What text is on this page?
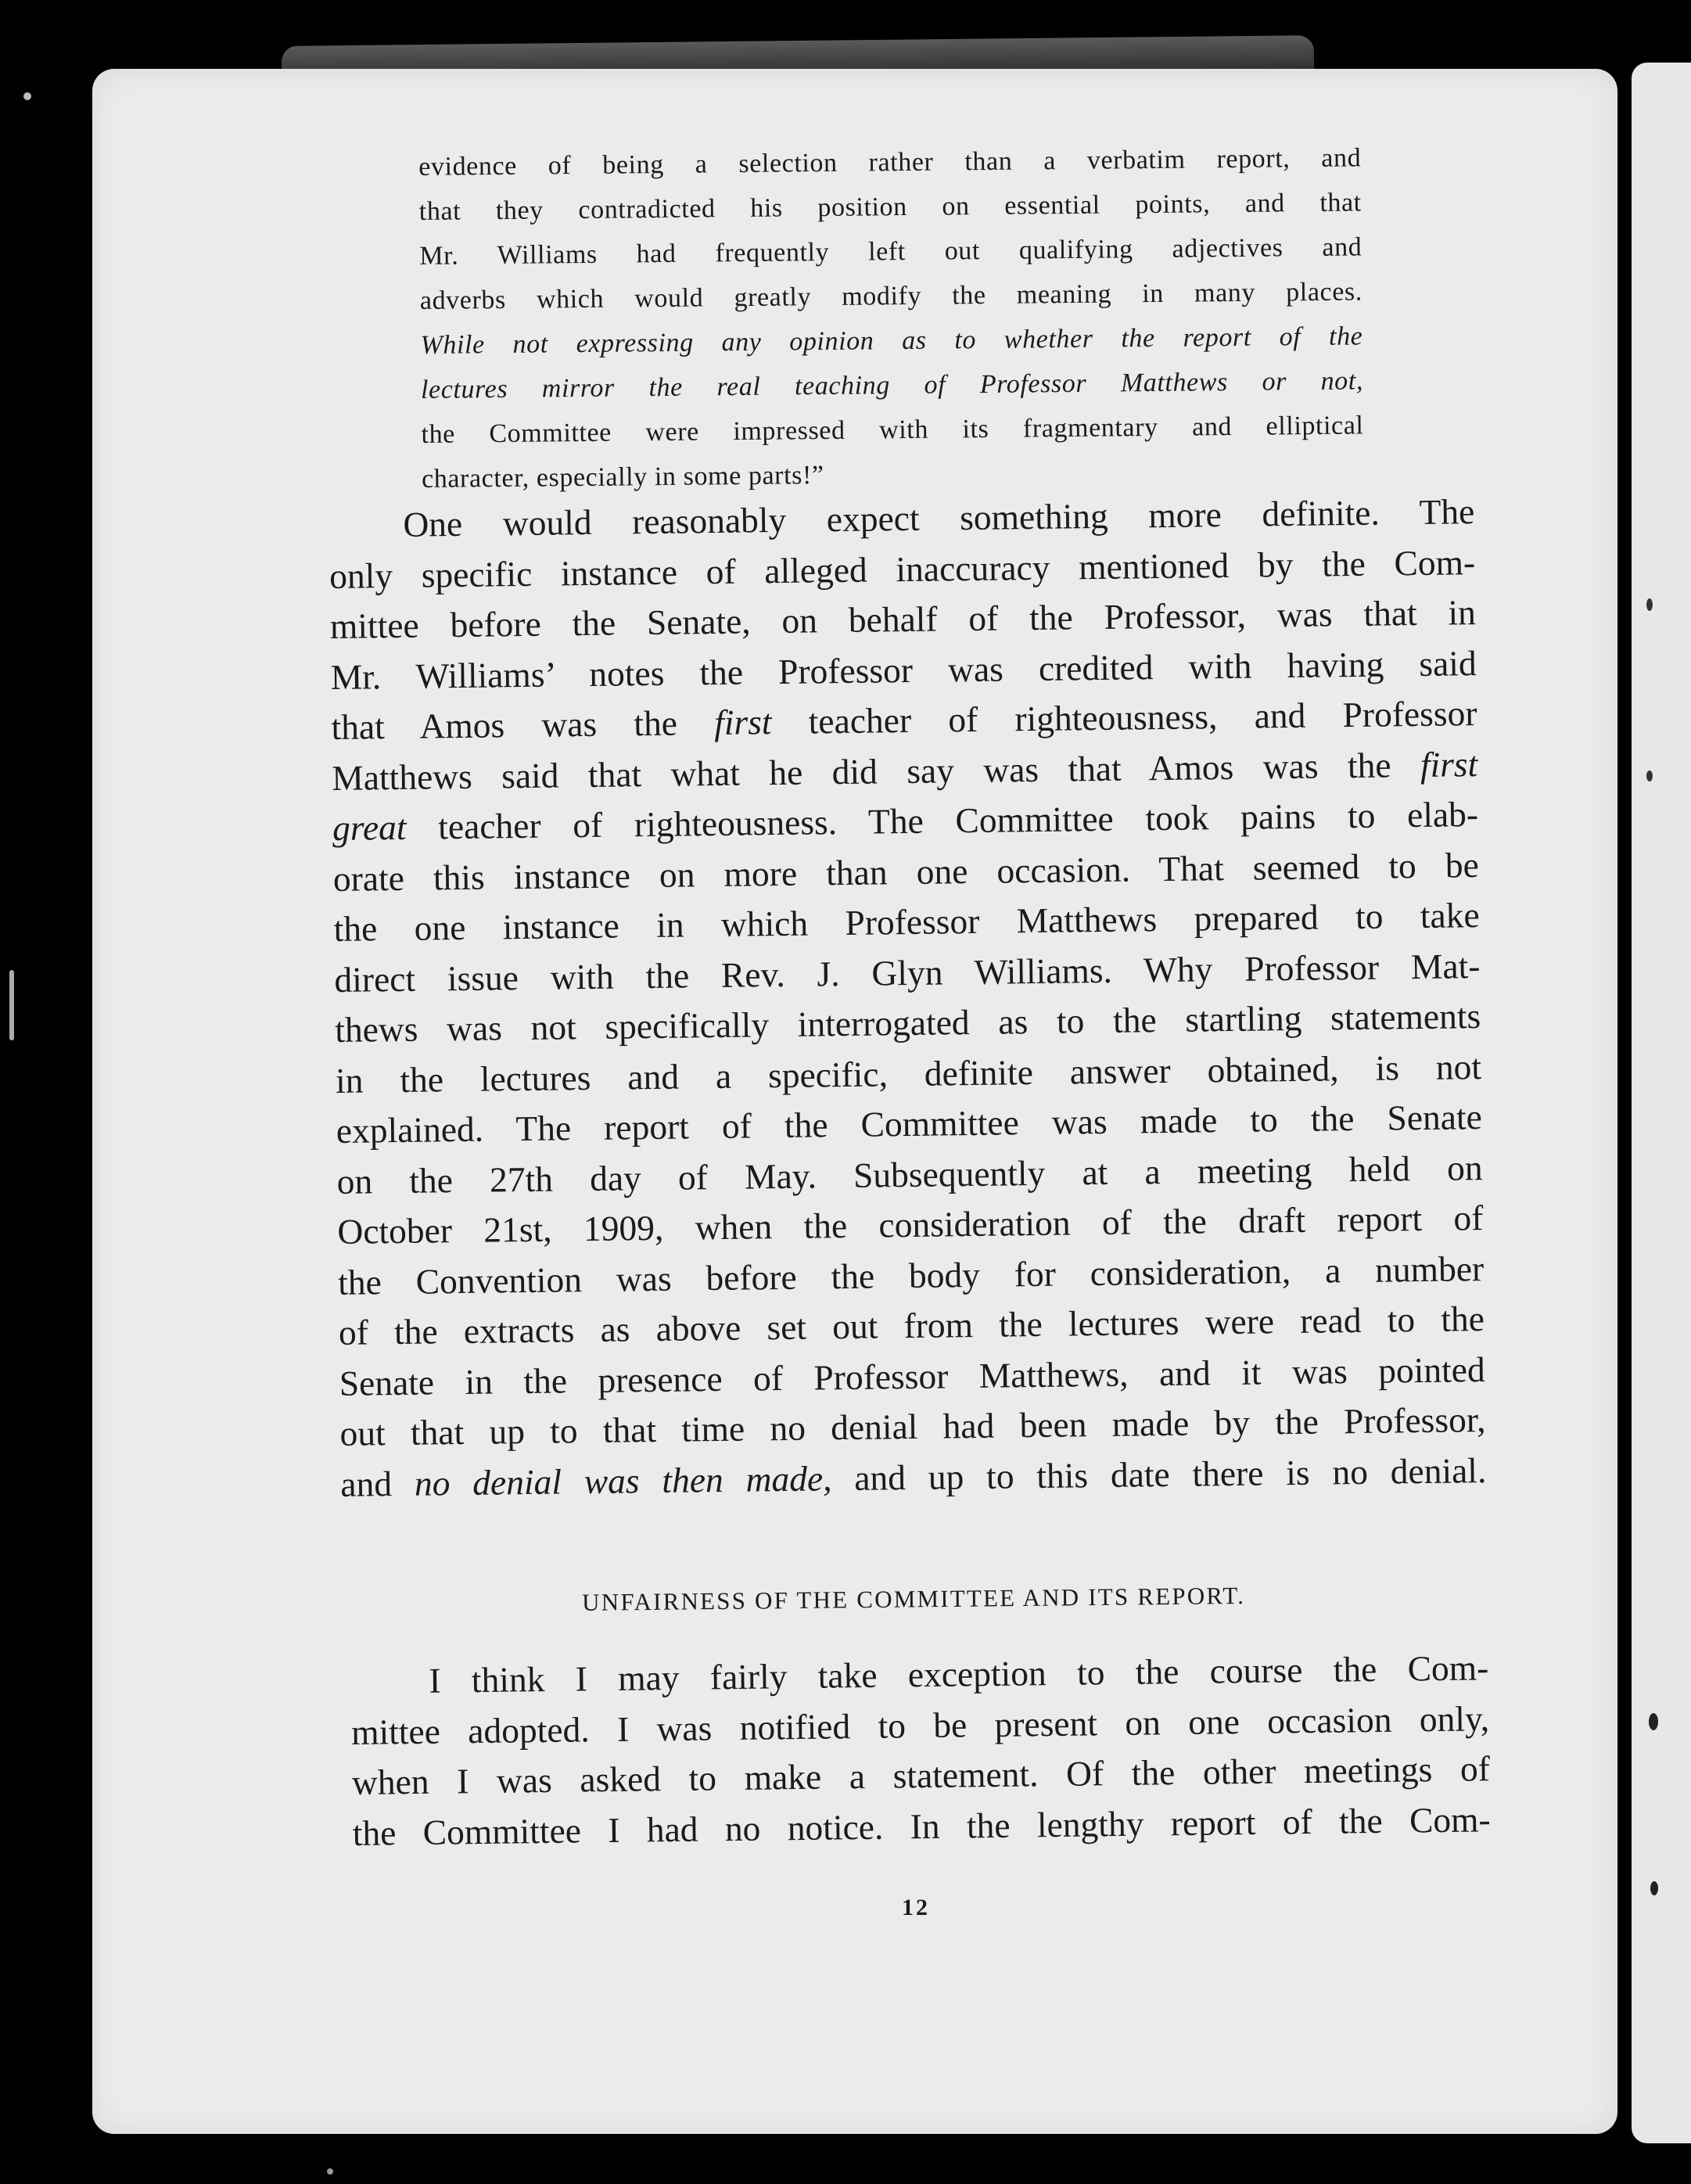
evidence of being a selection rather than a verbatim report, and
that they contradicted his position on essential points, and that
Mr. Williams had frequently left out qualifying adjectives and
adverbs which would greatly modify the meaning in many places.
While not expressing any opinion as to whether the report of the
lectures mirror the real teaching of Professor Matthews or not,
the Committee were impressed with its fragmentary and elliptical
character, especially in some parts!”
One would reasonably expect something more definite. The
only specific instance of alleged inaccuracy mentioned by the Com-
mittee before the Senate, on behalf of the Professor, was that in
Mr. Williams’ notes the Professor was credited with having said
that Amos was the first teacher of righteousness, and Professor
Matthews said that what he did say was that Amos was the first
great teacher of righteousness. The Committee took pains to elab-
orate this instance on more than one occasion. That seemed to be
the one instance in which Professor Matthews prepared to take
direct issue with the Rev. J. Glyn Williams. Why Professor Mat-
thews was not specifically interrogated as to the startling statements
in the lectures and a specific, definite answer obtained, is not
explained. The report of the Committee was made to the Senate
on the 27th day of May. Subsequently at a meeting held on
October 21st, 1909, when the consideration of the draft report of
the Convention was before the body for consideration, a number
of the extracts as above set out from the lectures were read to the
Senate in the presence of Professor Matthews, and it was pointed
out that up to that time no denial had been made by the Professor,
and no denial was then made, and up to this date there is no denial.
UNFAIRNESS OF THE COMMITTEE AND ITS REPORT.
I think I may fairly take exception to the course the Com-
mittee adopted. I was notified to be present on one occasion only,
when I was asked to make a statement. Of the other meetings of
the Committee I had no notice. In the lengthy report of the Com-
12
